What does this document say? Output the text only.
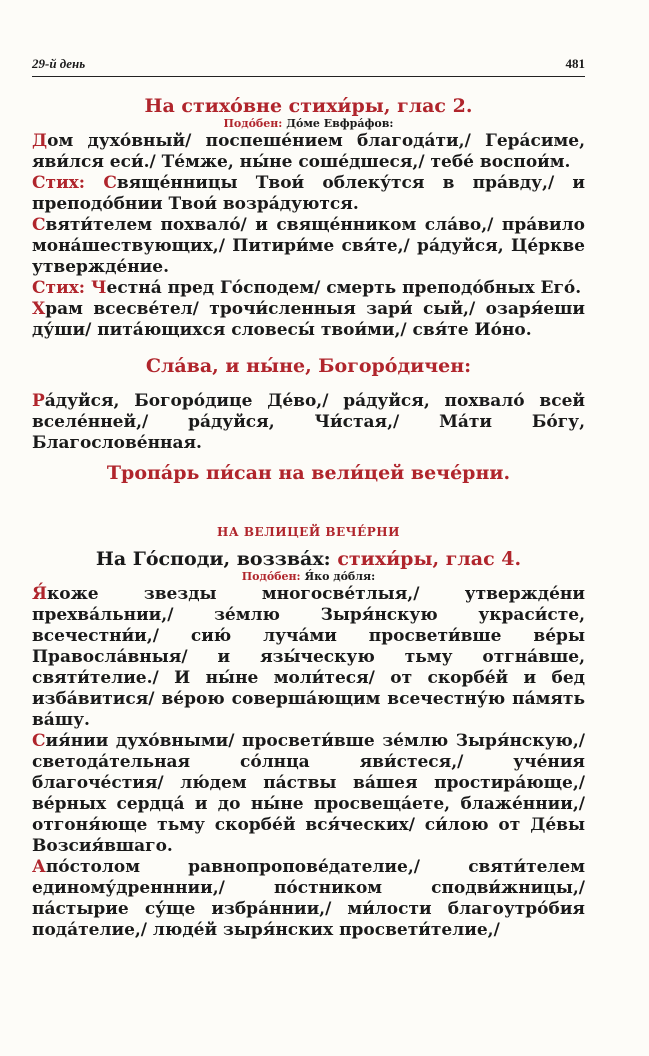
29-й день	481
На стихо́вне стихи́ры, глас 2.
Подо́бен: До́ме Евфра́фов:

Дом духо́вный/ поспеше́нием благода́ти,/ Гера́симе, яви́лся еси́./ Те́мже, ны́не соше́дшеся,/ тебе́ воспои́м.

Стих: Свяще́нницы Твои́ облеку́тся в пра́вду,/ и преподо́бнии Твои́ возра́дуются.

Святи́телем похвало́/ и свяще́нником сла́во,/ пра́вило мона́шествующих,/ Питири́ме свя́те,/ ра́дуйся, Це́ркве утвержде́ние.

Стих: Честна́ пред Го́сподем/ смерть преподо́бных Его́.

Храм всесве́тел/ трочи́сленныя зари́ сый,/ озаря́еши ду́ши/ пита́ющихся словесы́ твои́ми,/ свя́те Ио́но.

Сла́ва, и ны́не, Богоро́дичен:

Ра́дуйся, Богоро́дице Де́во,/ ра́дуйся, похвало́ всей вселе́нней,/ ра́дуйся, Чи́стая,/ Ма́ти Бо́гу, Благослове́нная.

Тропа́рь пи́сан на вели́цей вече́рни.
НА ВЕЛИЦЕЙ ВЕЧЕ́РНИ
На Го́споди, воззва́х: стихи́ры, глас 4.
Подо́бен: Я́ко до́бля:

Я́коже звезды многосве́тлыя,/ утвержде́ни прехва́льнии,/ зе́млю Зыря́нскую украси́сте, всечестни́и,/ сию́ луча́ми просвети́вше ве́ры Правосла́вныя/ и язы́ческую тьму отгна́вше, святи́телие./ И ны́не моли́теся/ от скорбе́й и бед изба́витися/ ве́рою соверша́ющим всечестну́ю па́мять ва́шу.

Сия́нии духо́вными/ просвети́вше зе́млю Зыря́нскую,/ светода́тельная со́лнца яви́стеся,/ уче́ния благоче́стия/ лю́дем па́ствы ва́шея простира́юще,/ ве́рных сердца́ и до ны́не просвеща́ете, блаже́ннии,/ отгоня́юще тьму скорбе́й вся́ческих/ си́лою от Де́вы Возсия́вшаго.

Апо́столом равнопропове́дателие,/ святи́телем единому́дренннии,/ по́стником сподви́жницы,/ па́стырие су́ще избра́ннии,/ ми́лости благоутро́бия пода́телие,/ люде́й зыря́нских просвети́телие,/
